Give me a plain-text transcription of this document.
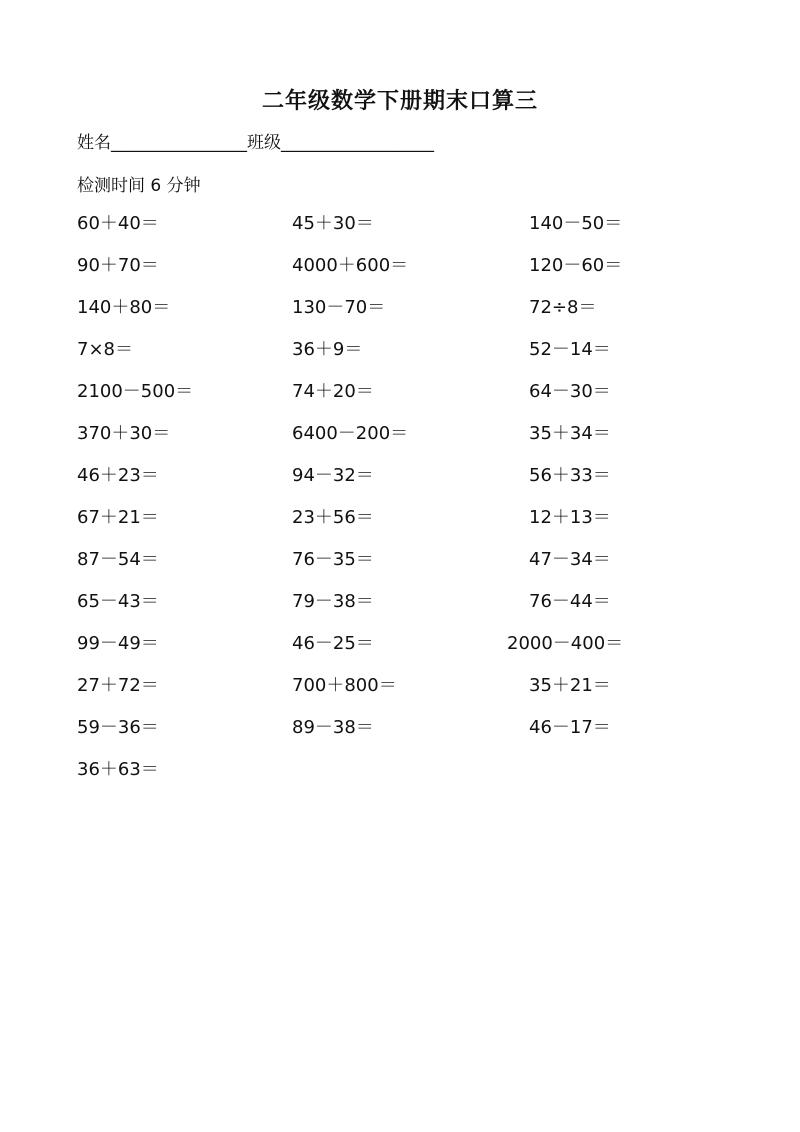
二年级数学下册期末口算三
姓名________________班级__________________
检测时间 6 分钟
60＋40＝	45＋30＝	140－50＝
90＋70＝	4000＋600＝	120－60＝
140＋80＝	130－70＝	72÷8＝
7×8＝	36＋9＝	52－14＝
2100－500＝	74＋20＝	64－30＝
370＋30＝	6400－200＝	35＋34＝
46＋23＝	94－32＝	56＋33＝
67＋21＝	23＋56＝	12＋13＝
87－54＝	76－35＝	47－34＝
65－43＝	79－38＝	76－44＝
99－49＝	46－25＝	2000－400＝
27＋72＝	700＋800＝	35＋21＝
59－36＝	89－38＝	46－17＝
36＋63＝
